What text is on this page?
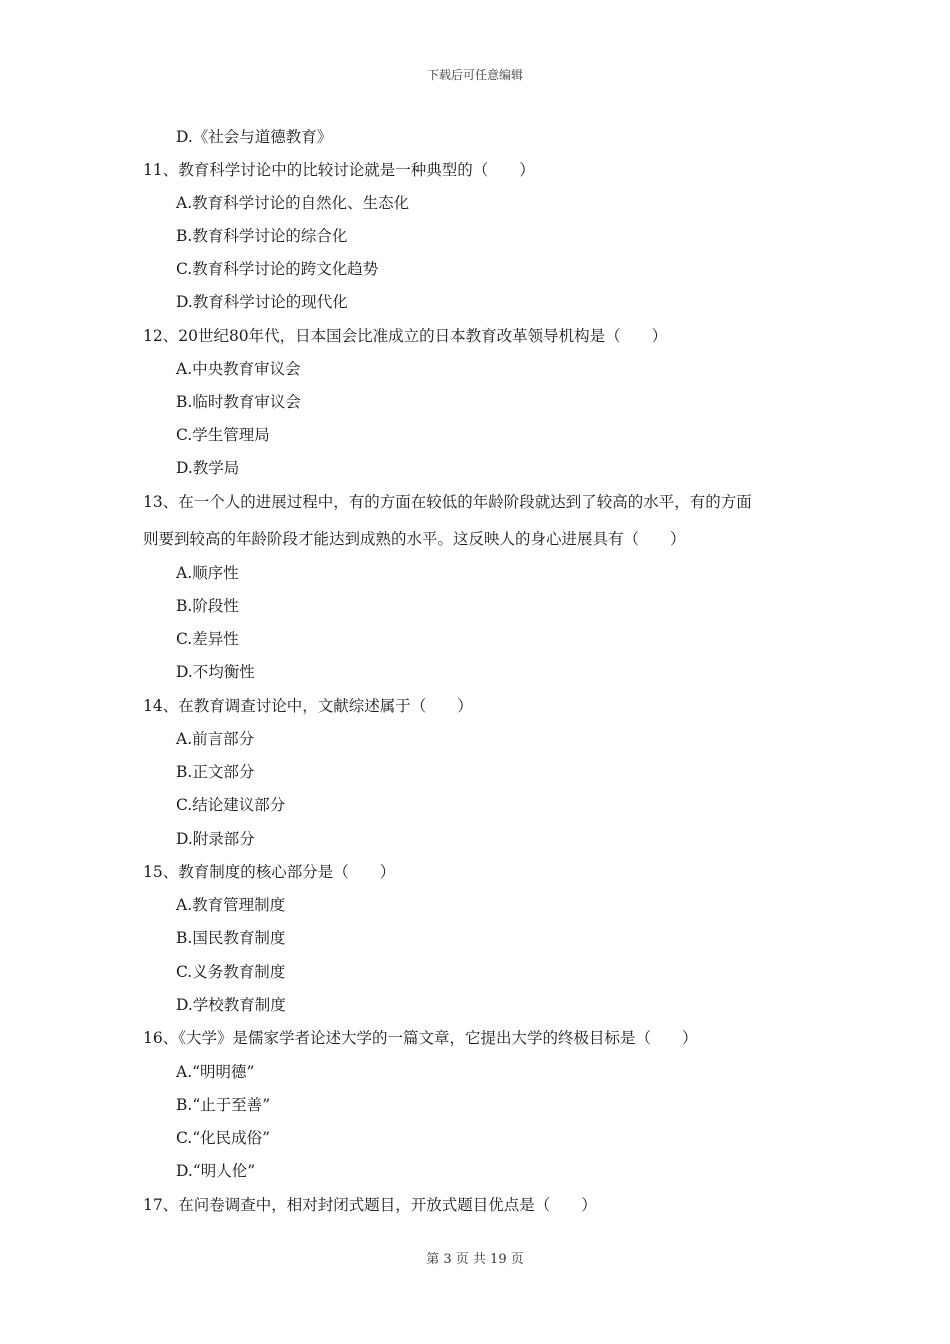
下载后可任意编辑
D.《社会与道德教育》
11、教育科学讨论中的比较讨论就是一种典型的（　　）
A.教育科学讨论的自然化、生态化
B.教育科学讨论的综合化
C.教育科学讨论的跨文化趋势
D.教育科学讨论的现代化
12、20世纪80年代，日本国会比准成立的日本教育改革领导机构是（　　）
A.中央教育审议会
B.临时教育审议会
C.学生管理局
D.教学局
13、在一个人的进展过程中，有的方面在较低的年龄阶段就达到了较高的水平，有的方面
则要到较高的年龄阶段才能达到成熟的水平。这反映人的身心进展具有（　　）
A.顺序性
B.阶段性
C.差异性
D.不均衡性
14、在教育调查讨论中，文献综述属于（　　）
A.前言部分
B.正文部分
C.结论建议部分
D.附录部分
15、教育制度的核心部分是（　　）
A.教育管理制度
B.国民教育制度
C.义务教育制度
D.学校教育制度
16、《大学》是儒家学者论述大学的一篇文章，它提出大学的终极目标是（　　）
A.“明明德”
B.“止于至善”
C.“化民成俗”
D.“明人伦”
17、在问卷调查中，相对封闭式题目，开放式题目优点是（　　）
第 3 页 共 19 页
